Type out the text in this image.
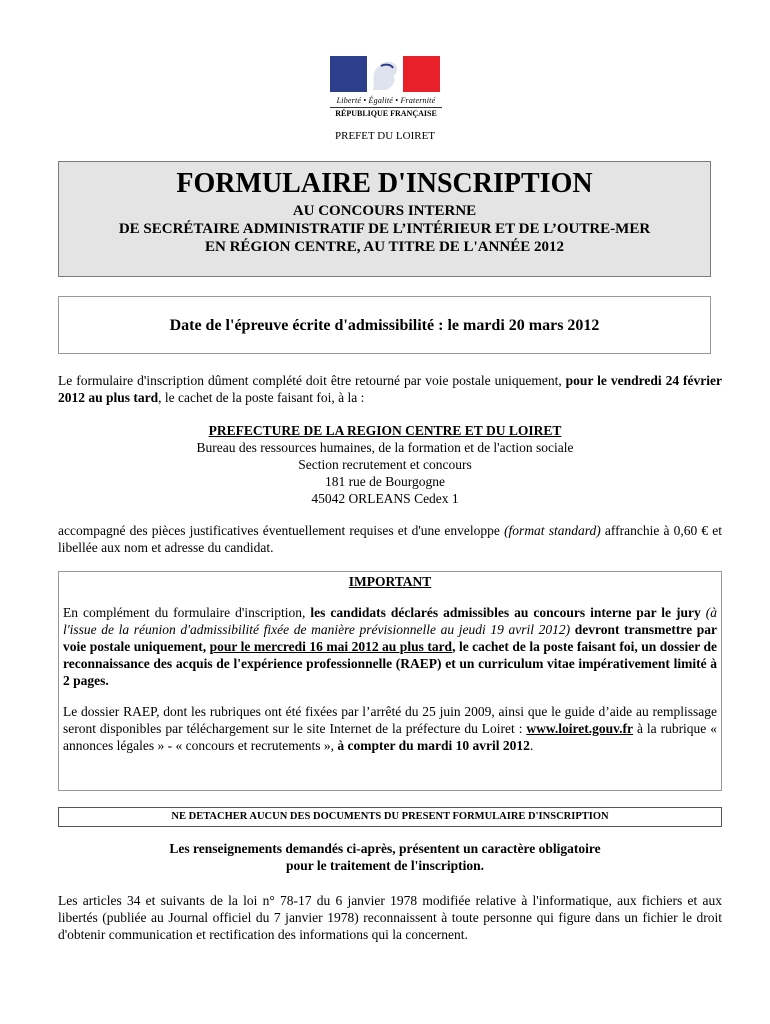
Liberté • Égalité • Fraternité
RÉPUBLIQUE FRANÇAISE
PREFET DU LOIRET
FORMULAIRE D'INSCRIPTION
AU CONCOURS INTERNE
DE SECRÉTAIRE ADMINISTRATIF DE L’INTÉRIEUR ET DE L’OUTRE-MER
EN RÉGION CENTRE, AU TITRE DE L'ANNÉE 2012
Date de l'épreuve écrite d'admissibilité : le mardi 20 mars 2012
Le formulaire d'inscription dûment complété doit être retourné par voie postale uniquement, pour le vendredi 24 février 2012 au plus tard, le cachet de la poste faisant foi, à la :
PREFECTURE DE LA REGION CENTRE ET DU LOIRET
Bureau des ressources humaines, de la formation et de l'action sociale
Section recrutement et concours
181 rue de Bourgogne
45042 ORLEANS Cedex 1
accompagné des pièces justificatives éventuellement requises et d'une enveloppe (format standard) affranchie à 0,60 € et libellée aux nom et adresse du candidat.
IMPORTANT
En complément du formulaire d'inscription, les candidats déclarés admissibles au concours interne par le jury (à l'issue de la réunion d'admissibilité fixée de manière prévisionnelle au jeudi 19 avril 2012) devront transmettre par voie postale uniquement, pour le mercredi 16 mai 2012 au plus tard, le cachet de la poste faisant foi, un dossier de reconnaissance des acquis de l'expérience professionnelle (RAEP) et un curriculum vitae impérativement limité à 2 pages.
Le dossier RAEP, dont les rubriques ont été fixées par l’arrêté du 25 juin 2009, ainsi que le guide d’aide au remplissage seront disponibles par téléchargement sur le site Internet de la préfecture du Loiret : www.loiret.gouv.fr à la rubrique « annonces légales » - « concours et recrutements », à compter du mardi 10 avril 2012.
NE DETACHER AUCUN DES DOCUMENTS DU PRESENT FORMULAIRE D'INSCRIPTION
Les renseignements demandés ci-après, présentent un caractère obligatoire
pour le traitement de l'inscription.
Les articles 34 et suivants de la loi n° 78-17 du 6 janvier 1978 modifiée relative à l'informatique, aux fichiers et aux libertés (publiée au Journal officiel du 7 janvier 1978) reconnaissent à toute personne qui figure dans un fichier le droit d'obtenir communication et rectification des informations qui la concernent.
